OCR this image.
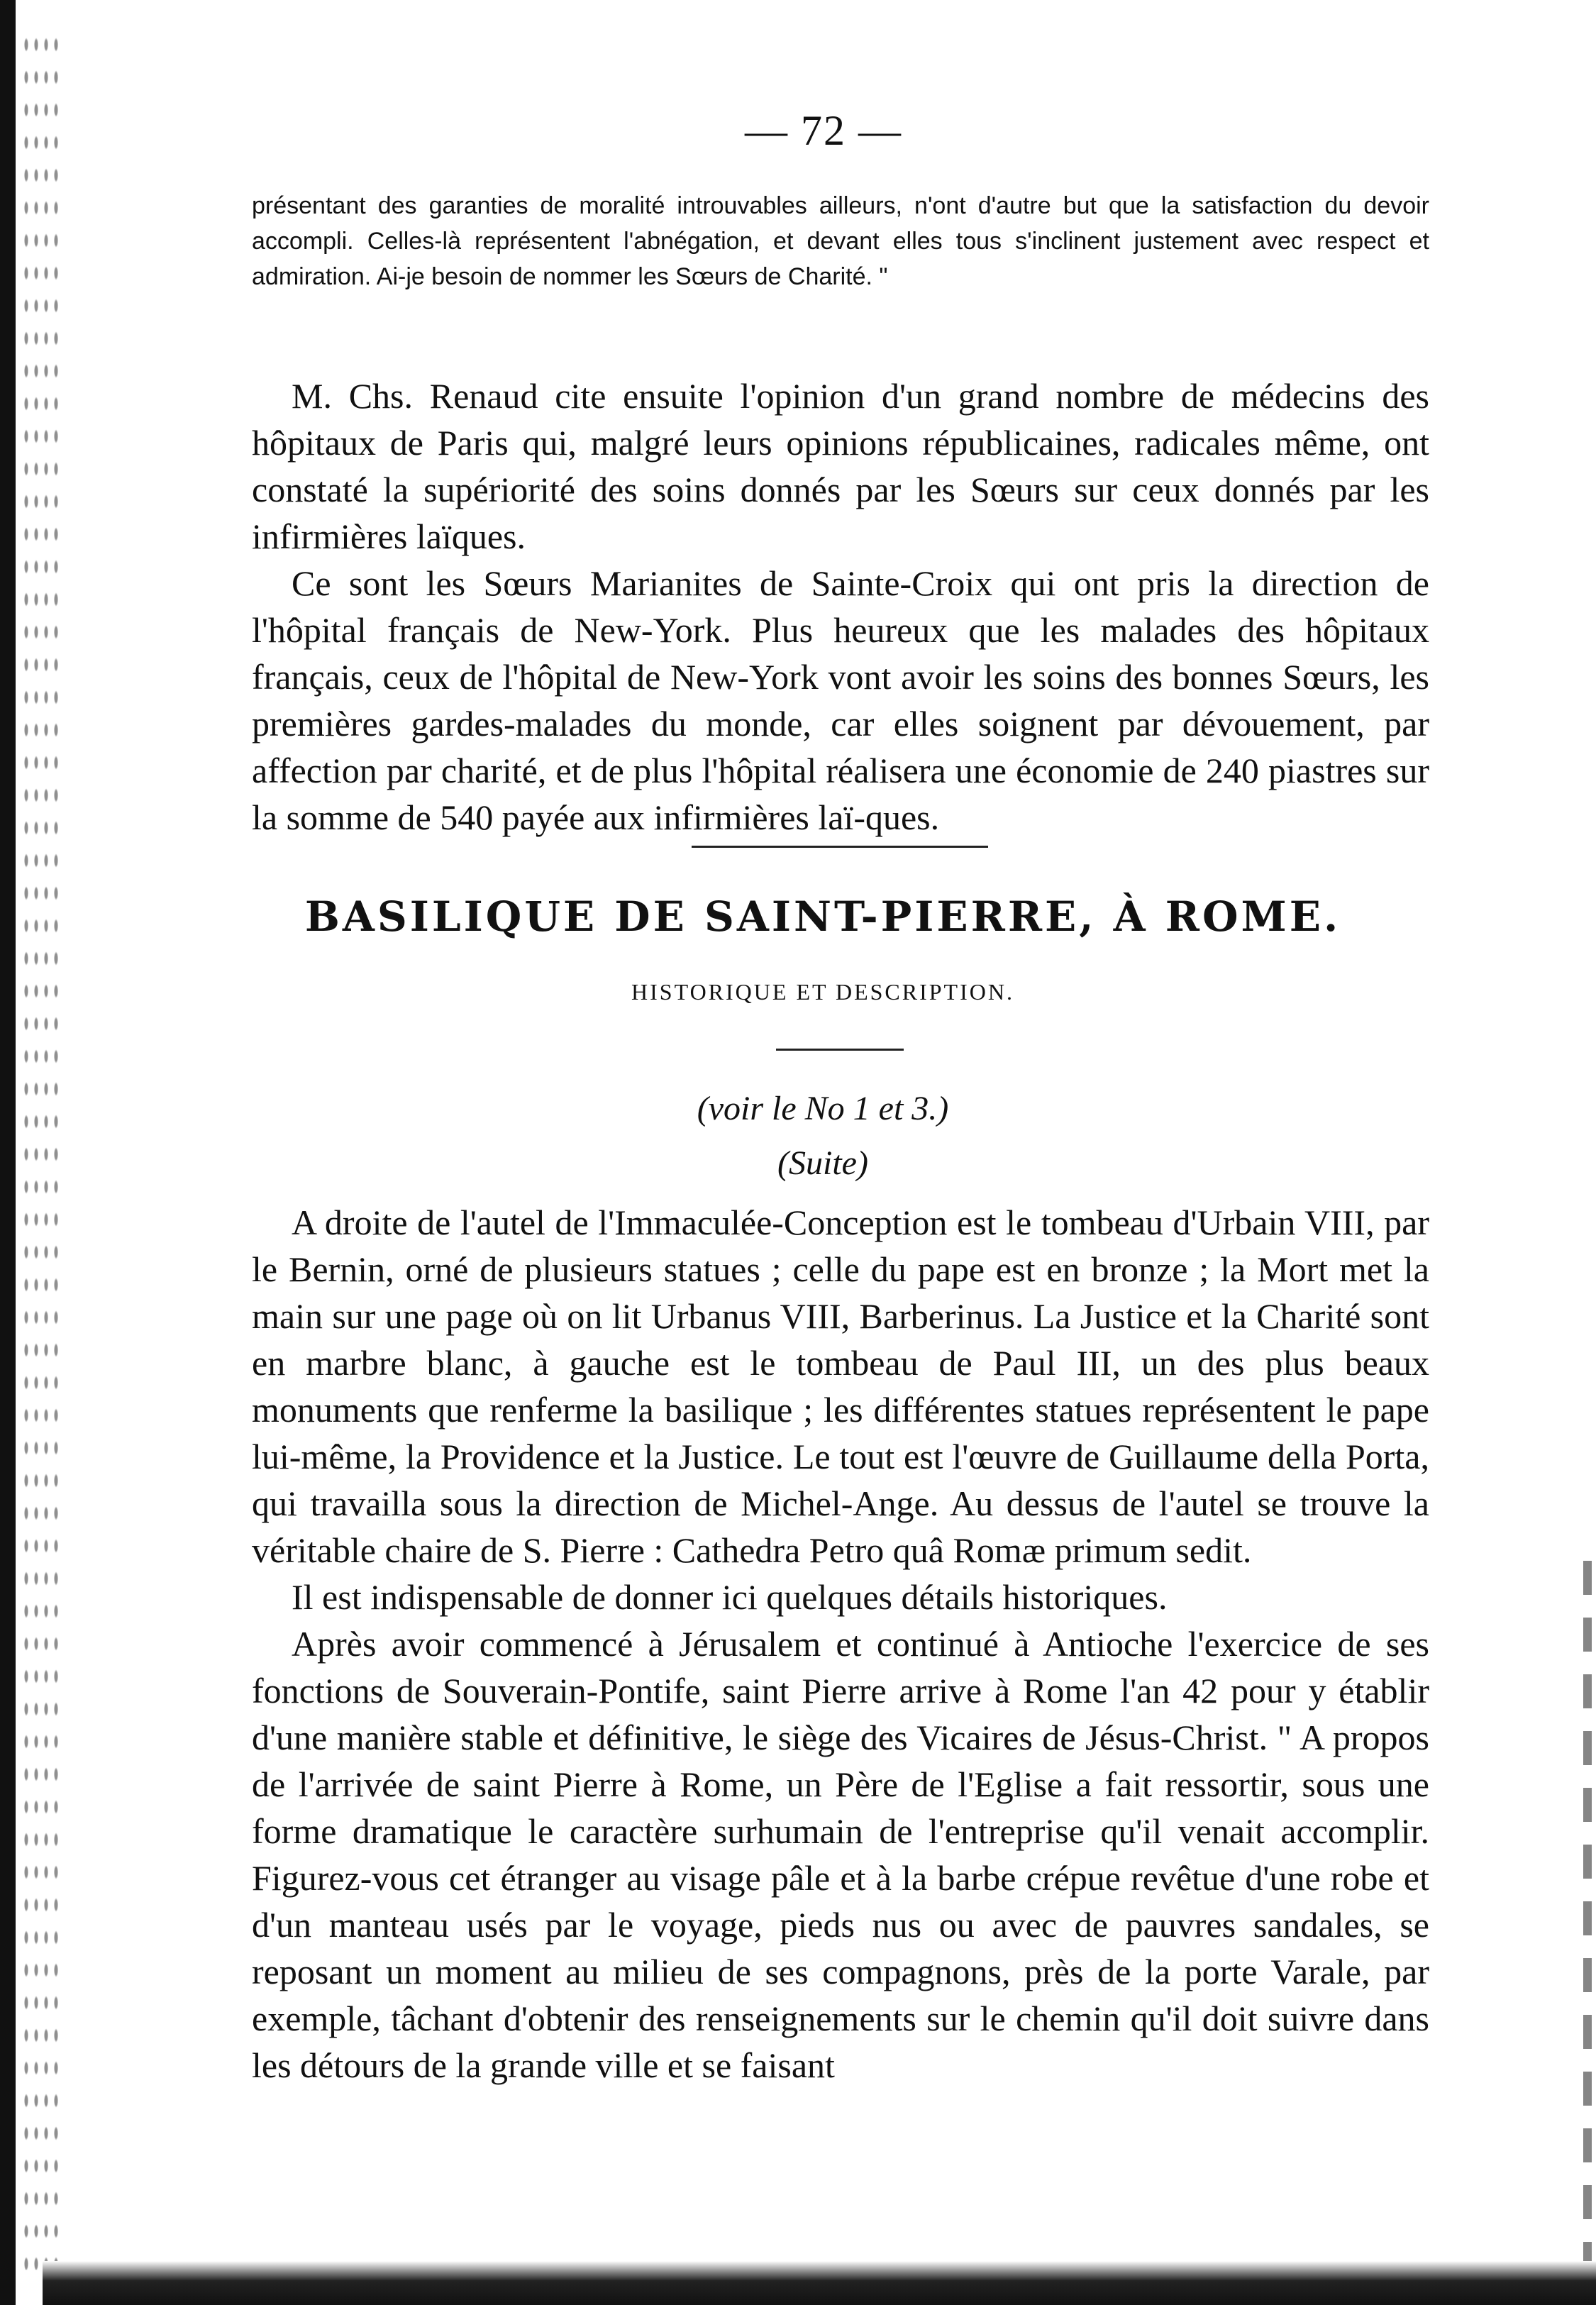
— 72 —
présentant des garanties de moralité introuvables ailleurs, n'ont d'autre but que la satisfaction du devoir accompli. Celles-là représentent l'abnégation, et devant elles tous s'inclinent justement avec respect et admiration. Ai-je besoin de nommer les Sœurs de Charité. "

M. Chs. Renaud cite ensuite l'opinion d'un grand nombre de médecins des hôpitaux de Paris qui, malgré leurs opinions républicaines, radicales même, ont constaté la supériorité des soins donnés par les Sœurs sur ceux donnés par les infirmières laïques.

Ce sont les Sœurs Marianites de Sainte-Croix qui ont pris la direction de l'hôpital français de New-York. Plus heureux que les malades des hôpitaux français, ceux de l'hôpital de New-York vont avoir les soins des bonnes Sœurs, les premières gardes-malades du monde, car elles soignent par dévouement, par affection par charité, et de plus l'hôpital réalisera une économie de 240 piastres sur la somme de 540 payée aux infirmières laï-ques.

BASILIQUE DE SAINT-PIERRE, À ROME.
HISTORIQUE ET DESCRIPTION.
(voir le No 1 et 3.)
(Suite)

A droite de l'autel de l'Immaculée-Conception est le tombeau d'Urbain VIII, par le Bernin, orné de plusieurs statues ; celle du pape est en bronze ; la Mort met la main sur une page où on lit Urbanus VIII, Barberinus. La Justice et la Charité sont en marbre blanc, à gauche est le tombeau de Paul III, un des plus beaux monuments que renferme la basilique ; les différentes statues représentent le pape lui-même, la Providence et la Justice. Le tout est l'œuvre de Guillaume della Porta, qui travailla sous la direction de Michel-Ange. Au dessus de l'autel se trouve la véritable chaire de S. Pierre : Cathedra Petro quâ Romæ primum sedit.

Il est indispensable de donner ici quelques détails historiques.

Après avoir commencé à Jérusalem et continué à Antioche l'exercice de ses fonctions de Souverain-Pontife, saint Pierre arrive à Rome l'an 42 pour y établir d'une manière stable et définitive, le siège des Vicaires de Jésus-Christ. " A propos de l'arrivée de saint Pierre à Rome, un Père de l'Eglise a fait ressortir, sous une forme dramatique le caractère surhumain de l'entreprise qu'il venait accomplir. Figurez-vous cet étranger au visage pâle et à la barbe crépue revêtue d'une robe et d'un manteau usés par le voyage, pieds nus ou avec de pauvres sandales, se reposant un moment au milieu de ses compagnons, près de la porte Varale, par exemple, tâchant d'obtenir des renseignements sur le chemin qu'il doit suivre dans les détours de la grande ville et se faisant
